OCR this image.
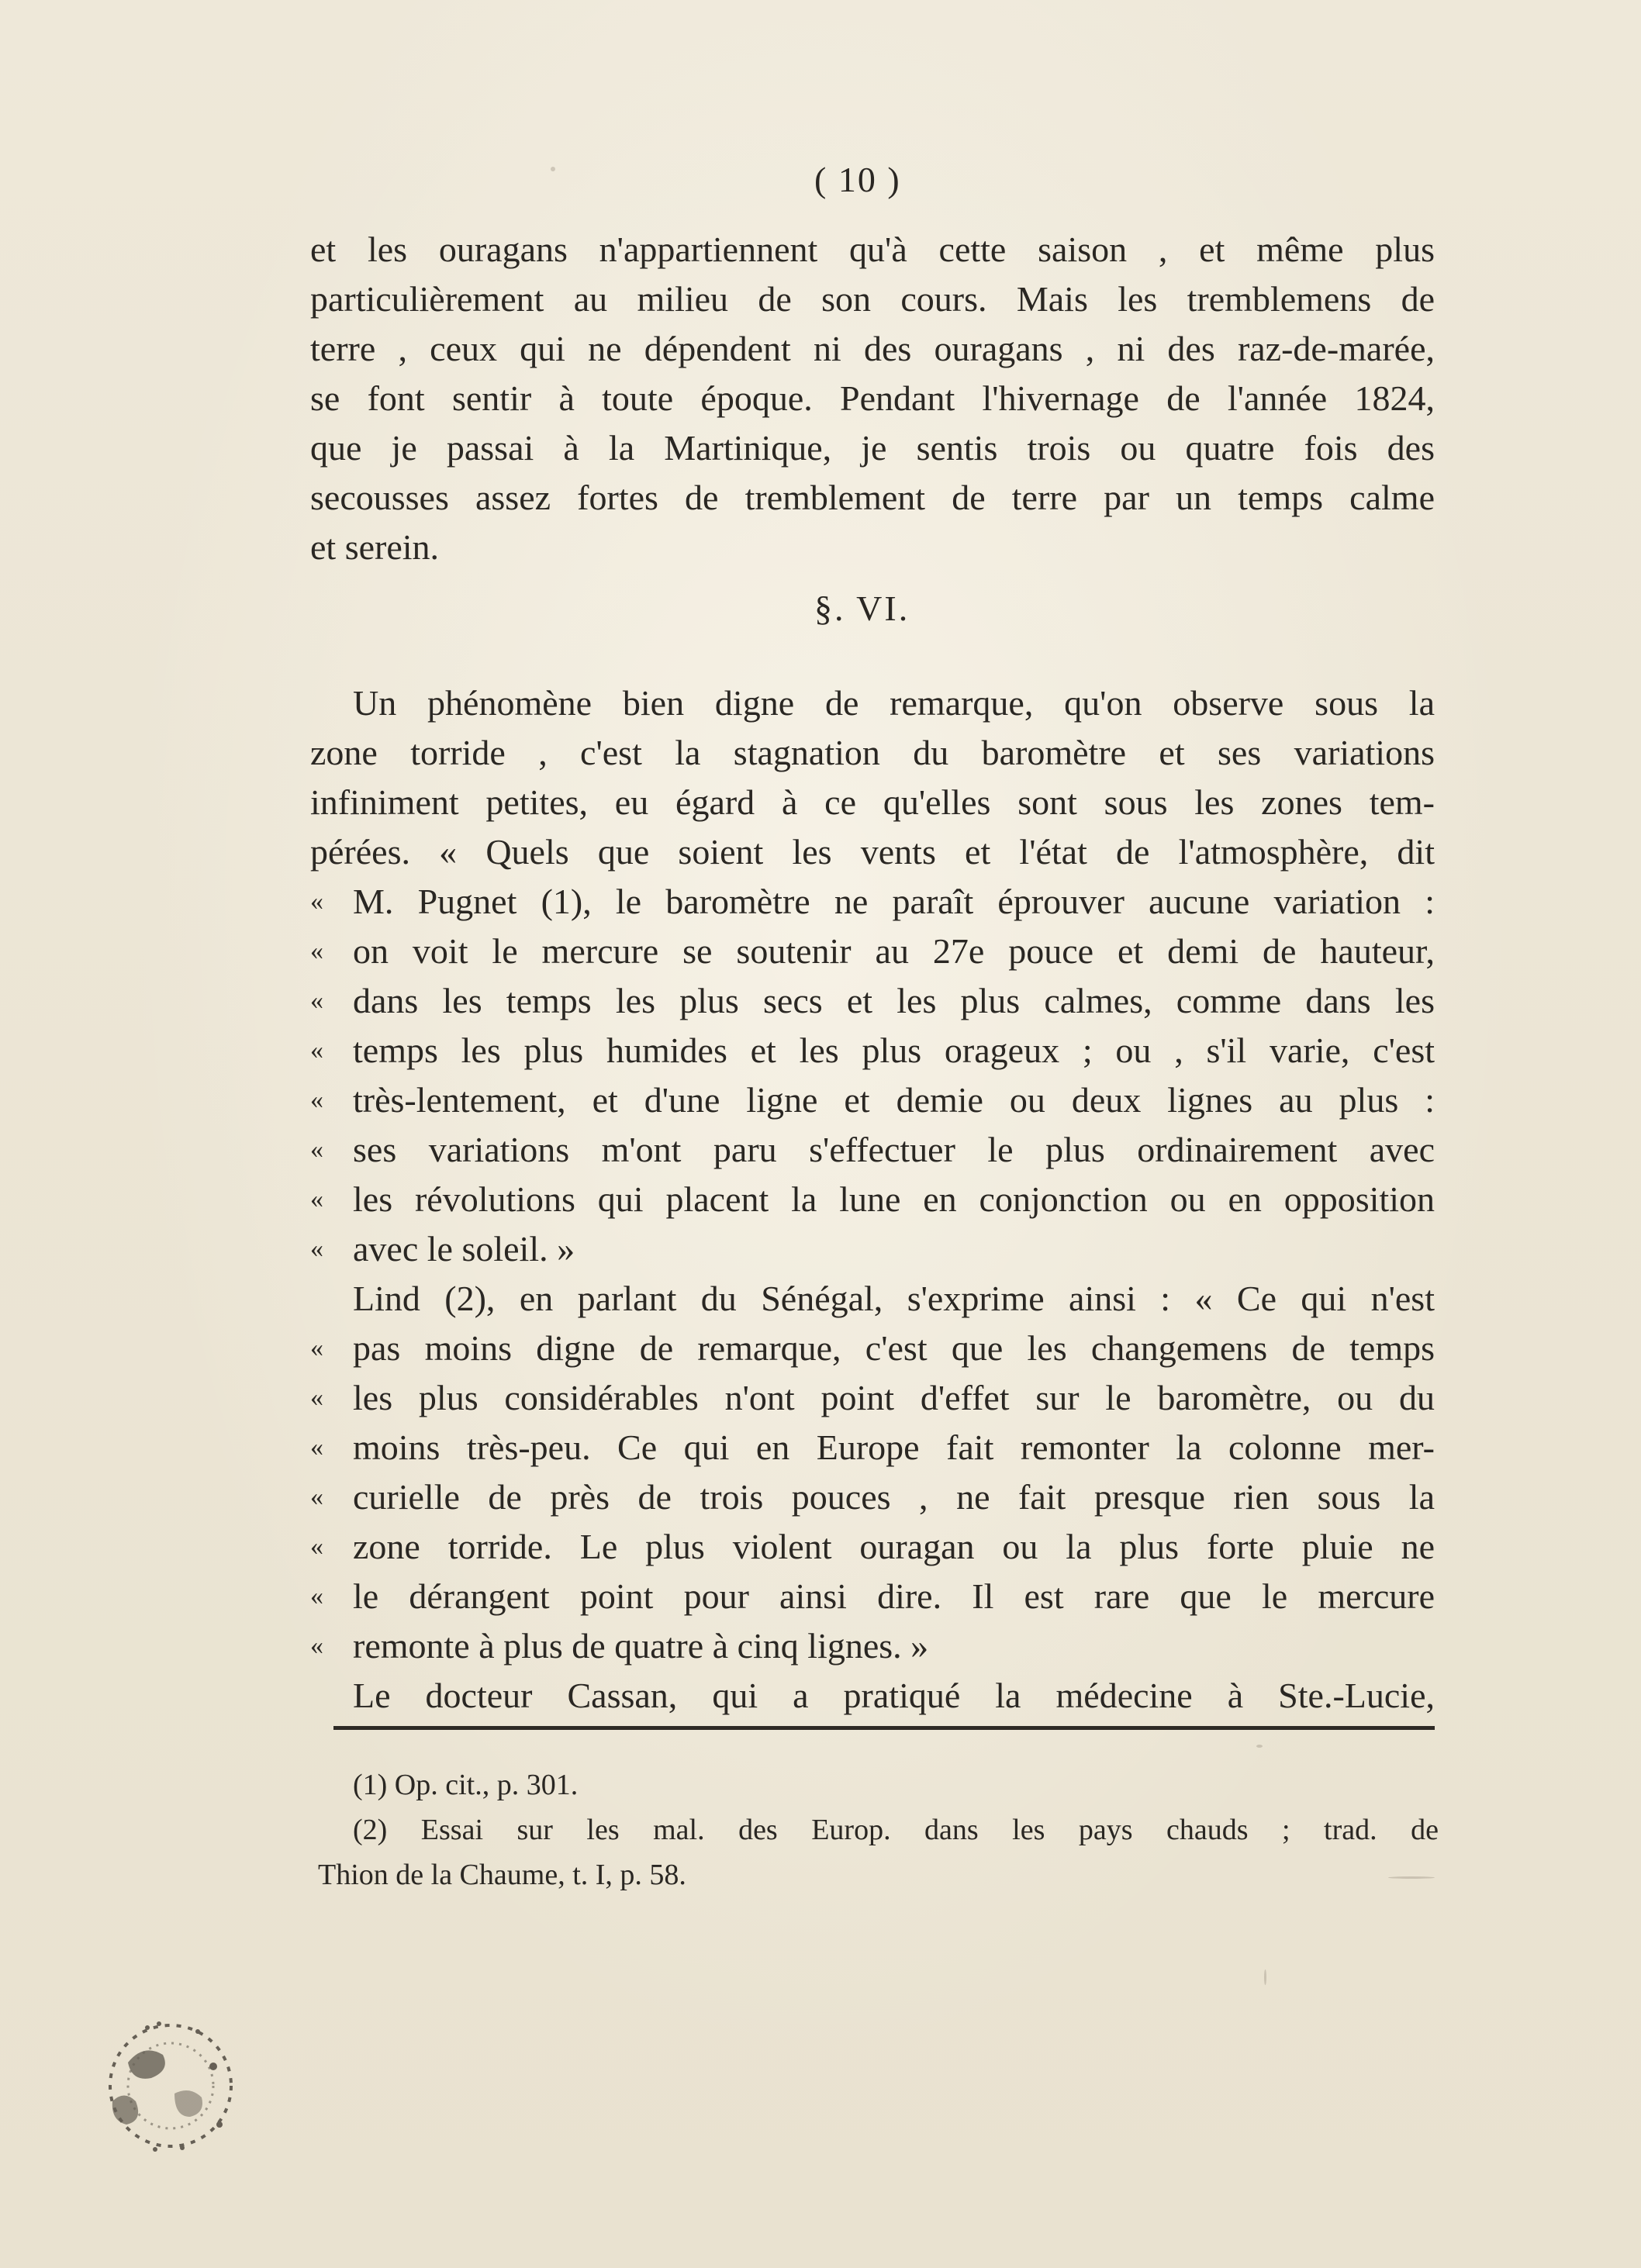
( 10 )
et les ouragans n'appartiennent qu'à cette saison , et même plus
particulièrement au milieu de son cours. Mais les tremblemens de
terre , ceux qui ne dépendent ni des ouragans , ni des raz-de-marée,
se font sentir à toute époque. Pendant l'hivernage de l'année 1824,
que je passai à la Martinique, je sentis trois ou quatre fois des
secousses assez fortes de tremblement de terre par un temps calme
et serein.
§. VI.
Un phénomène bien digne de remarque, qu'on observe sous la
zone torride , c'est la stagnation du baromètre et ses variations
infiniment petites, eu égard à ce qu'elles sont sous les zones tem-
pérées. « Quels que soient les vents et l'état de l'atmosphère, dit
« M. Pugnet (1), le baromètre ne paraît éprouver aucune variation :
« on voit le mercure se soutenir au 27e pouce et demi de hauteur,
« dans les temps les plus secs et les plus calmes, comme dans les
« temps les plus humides et les plus orageux ; ou , s'il varie, c'est
« très-lentement, et d'une ligne et demie ou deux lignes au plus :
« ses variations m'ont paru s'effectuer le plus ordinairement avec
« les révolutions qui placent la lune en conjonction ou en opposition
« avec le soleil. »
Lind (2), en parlant du Sénégal, s'exprime ainsi : « Ce qui n'est
« pas moins digne de remarque, c'est que les changemens de temps
« les plus considérables n'ont point d'effet sur le baromètre, ou du
« moins très-peu. Ce qui en Europe fait remonter la colonne mer-
« curielle de près de trois pouces , ne fait presque rien sous la
« zone torride. Le plus violent ouragan ou la plus forte pluie ne
« le dérangent point pour ainsi dire. Il est rare que le mercure
« remonte à plus de quatre à cinq lignes. »
Le docteur Cassan, qui a pratiqué la médecine à Ste.-Lucie,
(1) Op. cit., p. 301.
(2) Essai sur les mal. des Europ. dans les pays chauds ; trad. de
Thion de la Chaume, t. I, p. 58.
